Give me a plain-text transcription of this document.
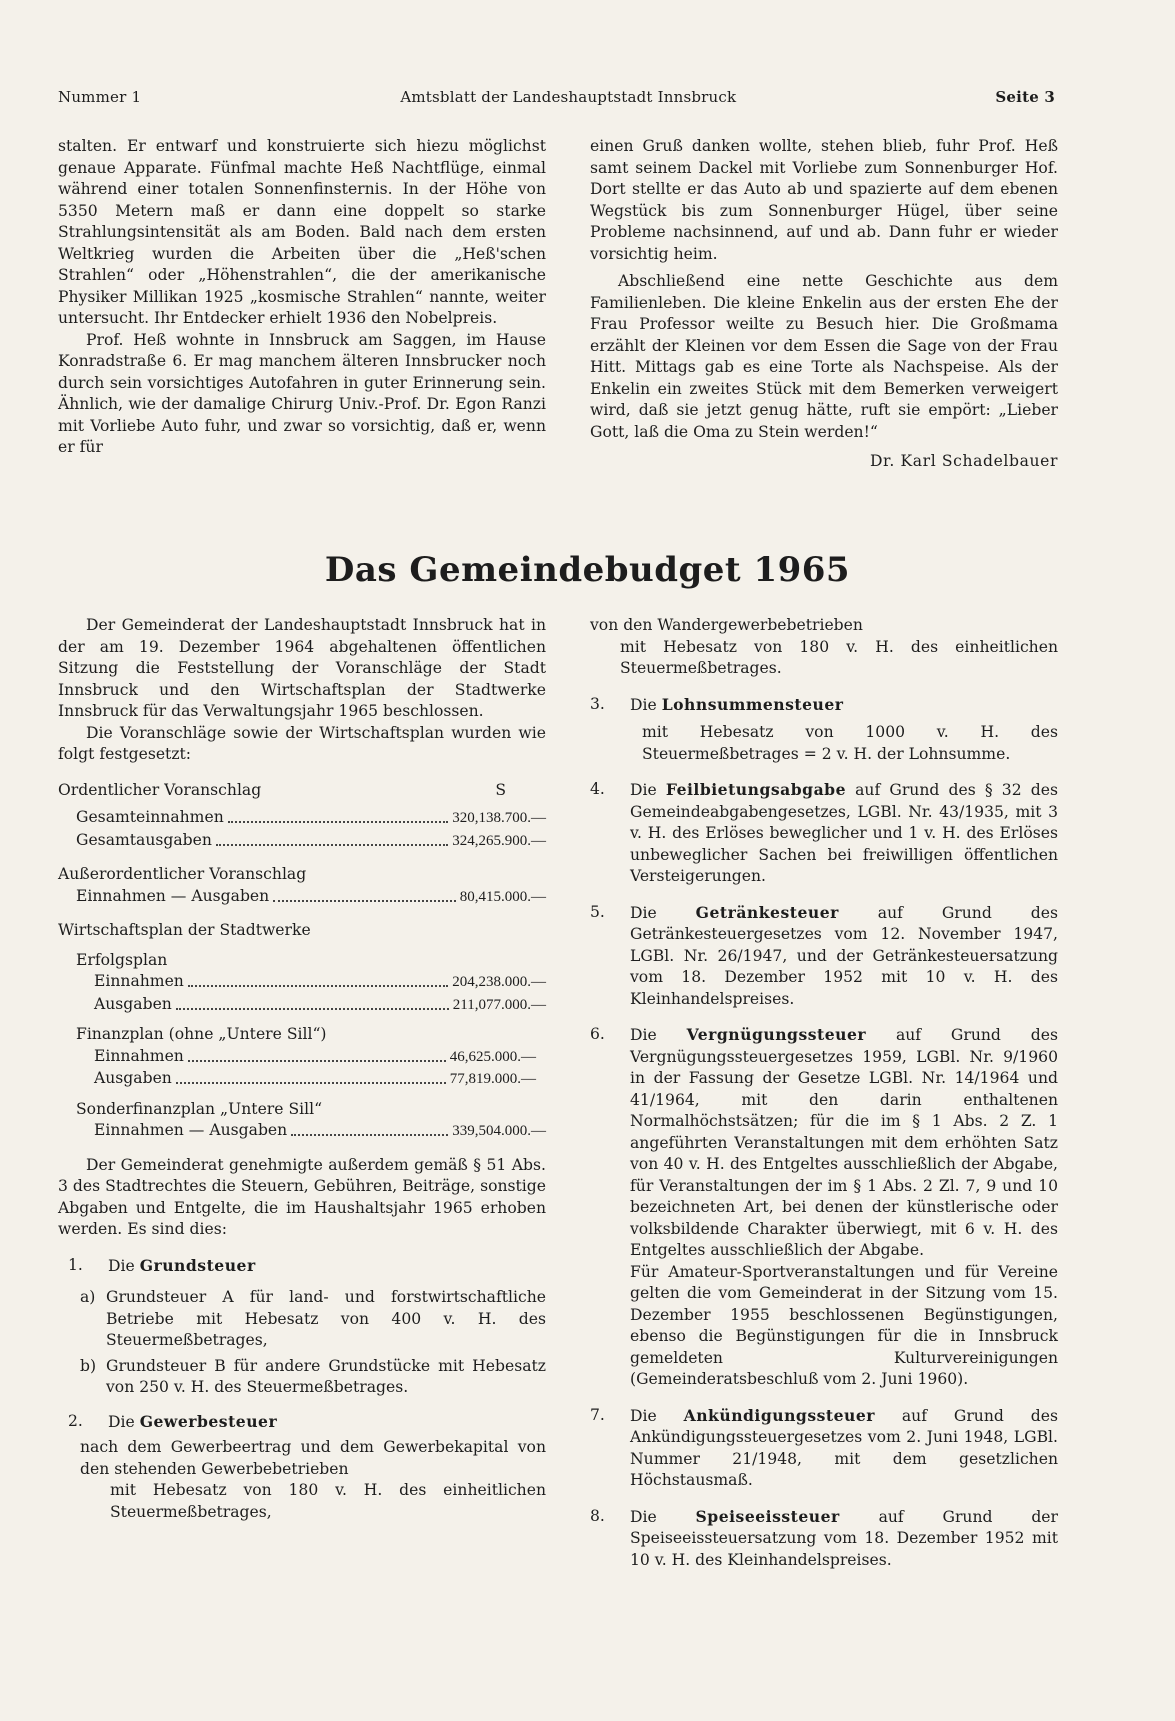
Nummer 1	Amtsblatt der Landeshauptstadt Innsbruck	Seite 3

stalten. Er entwarf und konstruierte sich hiezu möglichst genaue Apparate. Fünfmal machte Heß Nachtflüge, einmal während einer totalen Sonnenfinsternis. In der Höhe von 5350 Metern maß er dann eine doppelt so starke Strahlungsintensität als am Boden. Bald nach dem ersten Weltkrieg wurden die Arbeiten über die „Heß'schen Strahlen“ oder „Höhenstrahlen“, die der amerikanische Physiker Millikan 1925 „kosmische Strahlen“ nannte, weiter untersucht. Ihr Entdecker erhielt 1936 den Nobelpreis.

Prof. Heß wohnte in Innsbruck am Saggen, im Hause Konradstraße 6. Er mag manchem älteren Innsbrucker noch durch sein vorsichtiges Autofahren in guter Erinnerung sein. Ähnlich, wie der damalige Chirurg Univ.-Prof. Dr. Egon Ranzi mit Vorliebe Auto fuhr, und zwar so vorsichtig, daß er, wenn er für

einen Gruß danken wollte, stehen blieb, fuhr Prof. Heß samt seinem Dackel mit Vorliebe zum Sonnenburger Hof. Dort stellte er das Auto ab und spazierte auf dem ebenen Wegstück bis zum Sonnenburger Hügel, über seine Probleme nachsinnend, auf und ab. Dann fuhr er wieder vorsichtig heim.

Abschließend eine nette Geschichte aus dem Familienleben. Die kleine Enkelin aus der ersten Ehe der Frau Professor weilte zu Besuch hier. Die Großmama erzählt der Kleinen vor dem Essen die Sage von der Frau Hitt. Mittags gab es eine Torte als Nachspeise. Als der Enkelin ein zweites Stück mit dem Bemerken verweigert wird, daß sie jetzt genug hätte, ruft sie empört: „Lieber Gott, laß die Oma zu Stein werden!“

Dr. Karl Schadelbauer

Das Gemeindebudget 1965

Der Gemeinderat der Landeshauptstadt Innsbruck hat in der am 19. Dezember 1964 abgehaltenen öffentlichen Sitzung die Feststellung der Voranschläge der Stadt Innsbruck und den Wirtschaftsplan der Stadtwerke Innsbruck für das Verwaltungsjahr 1965 beschlossen.

Die Voranschläge sowie der Wirtschaftsplan wurden wie folgt festgesetzt:

Ordentlicher Voranschlag	S
Gesamteinnahmen	320,138.700.—
Gesamtausgaben	324,265.900.—
Außerordentlicher Voranschlag
Einnahmen — Ausgaben	80,415.000.—
Wirtschaftsplan der Stadtwerke
Erfolgsplan
Einnahmen	204,238.000.—
Ausgaben	211,077.000.—
Finanzplan (ohne „Untere Sill“)
Einnahmen	46,625.000.—
Ausgaben	77,819.000.—
Sonderfinanzplan „Untere Sill“
Einnahmen — Ausgaben	339,504.000.—

Der Gemeinderat genehmigte außerdem gemäß § 51 Abs. 3 des Stadtrechtes die Steuern, Gebühren, Beiträge, sonstige Abgaben und Entgelte, die im Haushaltsjahr 1965 erhoben werden. Es sind dies:

1.	Die Grundsteuer
a) Grundsteuer A für land- und forstwirtschaftliche Betriebe mit Hebesatz von 400 v. H. des Steuermeßbetrages,
b) Grundsteuer B für andere Grundstücke mit Hebesatz von 250 v. H. des Steuermeßbetrages.
2.	Die Gewerbesteuer
nach dem Gewerbeertrag und dem Gewerbekapital von den stehenden Gewerbebetrieben
mit Hebesatz von 180 v. H. des einheitlichen Steuermeßbetrages,
von den Wandergewerbebetrieben
mit Hebesatz von 180 v. H. des einheitlichen Steuermeßbetrages.
3.	Die Lohnsummensteuer
mit Hebesatz von 1000 v. H. des Steuermeßbetrages = 2 v. H. der Lohnsumme.
4.	Die Feilbietungsabgabe auf Grund des § 32 des Gemeindeabgabengesetzes, LGBl. Nr. 43/1935, mit 3 v. H. des Erlöses beweglicher und 1 v. H. des Erlöses unbeweglicher Sachen bei freiwilligen öffentlichen Versteigerungen.
5.	Die Getränkesteuer auf Grund des Getränkesteuergesetzes vom 12. November 1947, LGBl. Nr. 26/1947, und der Getränkesteuersatzung vom 18. Dezember 1952 mit 10 v. H. des Kleinhandelspreises.
6.	Die Vergnügungssteuer auf Grund des Vergnügungssteuergesetzes 1959, LGBl. Nr. 9/1960 in der Fassung der Gesetze LGBl. Nr. 14/1964 und 41/1964, mit den darin enthaltenen Normalhöchstsätzen; für die im § 1 Abs. 2 Z. 1 angeführten Veranstaltungen mit dem erhöhten Satz von 40 v. H. des Entgeltes ausschließlich der Abgabe, für Veranstaltungen der im § 1 Abs. 2 Zl. 7, 9 und 10 bezeichneten Art, bei denen der künstlerische oder volksbildende Charakter überwiegt, mit 6 v. H. des Entgeltes ausschließlich der Abgabe.
Für Amateur-Sportveranstaltungen und für Vereine gelten die vom Gemeinderat in der Sitzung vom 15. Dezember 1955 beschlossenen Begünstigungen, ebenso die Begünstigungen für die in Innsbruck gemeldeten Kulturvereinigungen (Gemeinderatsbeschluß vom 2. Juni 1960).
7.	Die Ankündigungssteuer auf Grund des Ankündigungssteuergesetzes vom 2. Juni 1948, LGBl. Nummer 21/1948, mit dem gesetzlichen Höchstausmaß.
8.	Die Speiseeissteuer auf Grund der Speiseeissteuersatzung vom 18. Dezember 1952 mit 10 v. H. des Kleinhandelspreises.
